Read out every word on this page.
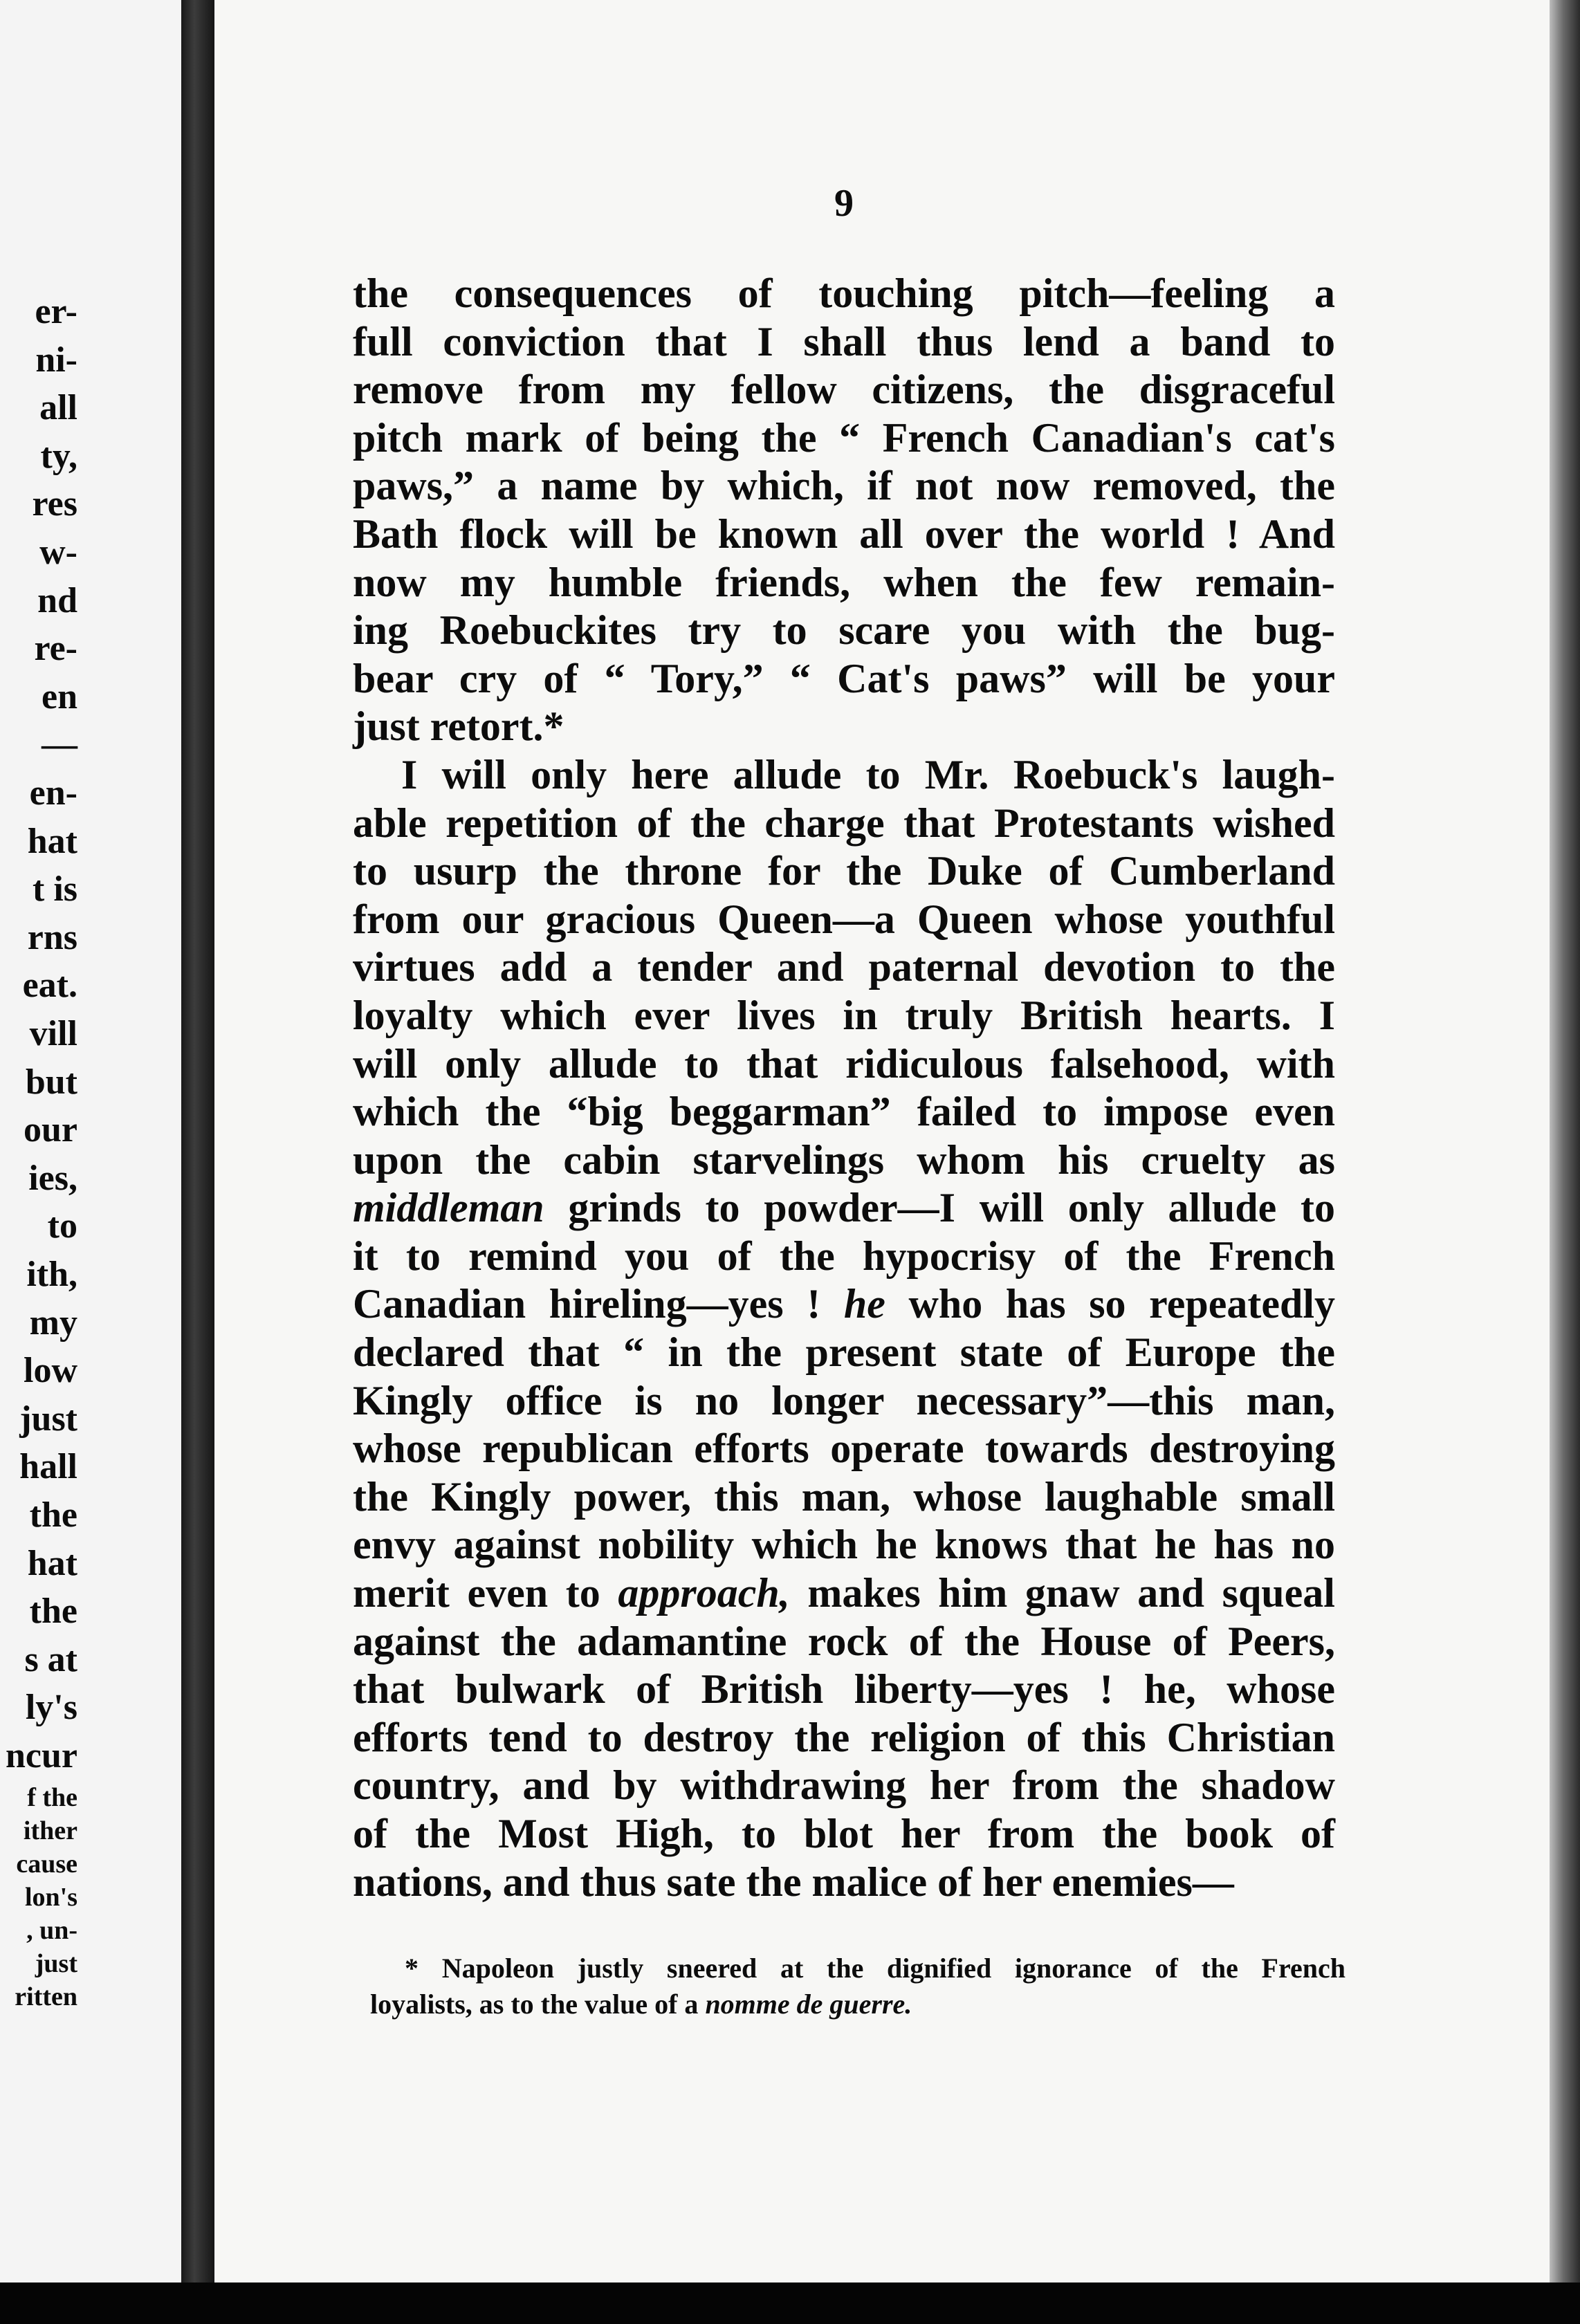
er-
ni-
all
ty,
res
w-
nd
re-
en
—
en-
hat
t is
rns
eat.
vill
but
our
ies,
to
ith,
my
low
just
hall
the
hat
the
s at
ly's
ncur
f the
ither
cause
lon's
, un-
just
ritten
9
the consequences of touching pitch—feeling a
full conviction that I shall thus lend a band to
remove from my fellow citizens, the disgraceful
pitch mark of being the “ French Canadian's cat's
paws,” a name by which, if not now removed, the
Bath flock will be known all over the world ! And
now my humble friends, when the few remain-
ing Roebuckites try to scare you with the bug-
bear cry of “ Tory,” “ Cat's paws” will be your
just retort.*
I will only here allude to Mr. Roebuck's laugh-
able repetition of the charge that Protestants wished
to usurp the throne for the Duke of Cumberland
from our gracious Queen—a Queen whose youthful
virtues add a tender and paternal devotion to the
loyalty which ever lives in truly British hearts. I
will only allude to that ridiculous falsehood, with
which the “big beggarman” failed to impose even
upon the cabin starvelings whom his cruelty as
middleman grinds to powder—I will only allude to
it to remind you of the hypocrisy of the French
Canadian hireling—yes ! he who has so repeatedly
declared that “ in the present state of Europe the
Kingly office is no longer necessary”—this man,
whose republican efforts operate towards destroying
the Kingly power, this man, whose laughable small
envy against nobility which he knows that he has no
merit even to approach, makes him gnaw and squeal
against the adamantine rock of the House of Peers,
that bulwark of British liberty—yes ! he, whose
efforts tend to destroy the religion of this Christian
country, and by withdrawing her from the shadow
of the Most High, to blot her from the book of
nations, and thus sate the malice of her enemies—
* Napoleon justly sneered at the dignified ignorance of the French
loyalists, as to the value of a nomme de guerre.
